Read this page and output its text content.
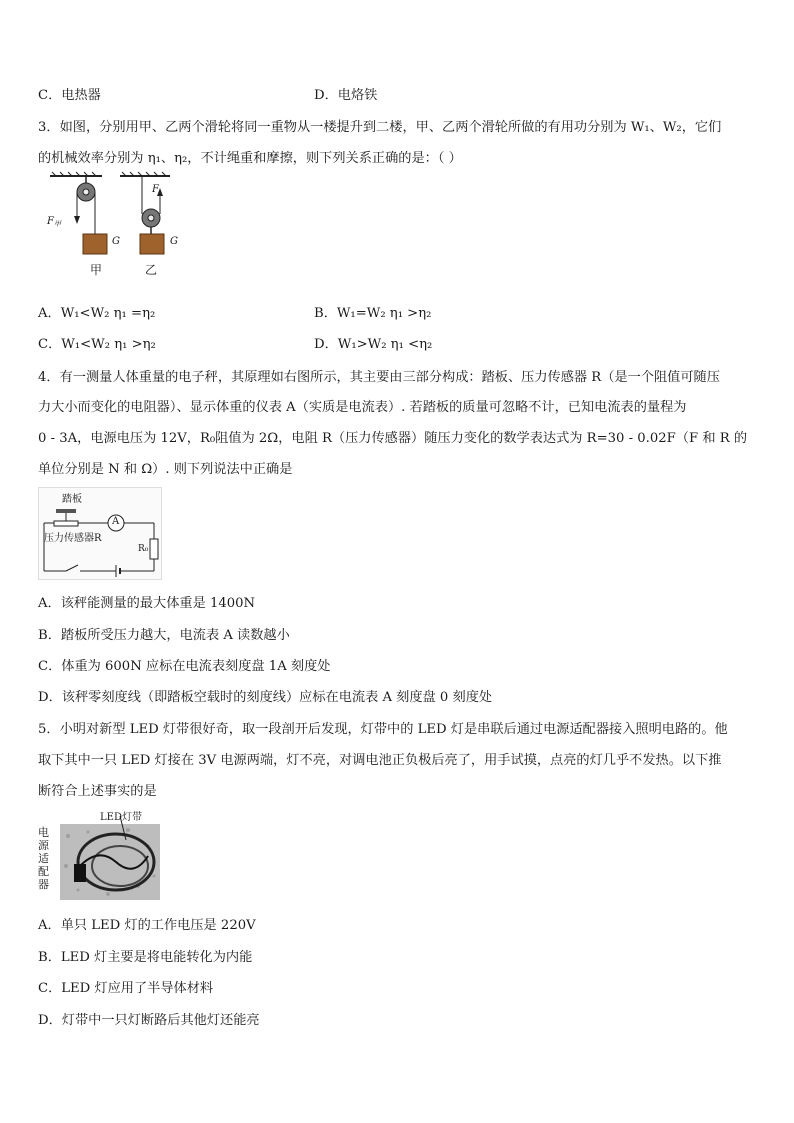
C．电热器	D．电烙铁
3．如图，分别用甲、乙两个滑轮将同一重物从一楼提升到二楼，甲、乙两个滑轮所做的有用功分别为 W₁、W₂，它们
的机械效率分别为 η₁、η₂，不计绳重和摩擦，则下列关系正确的是：（ ）
$F_甲$
F
G	G
甲	乙
A．W₁<W₂ η₁ =η₂	B．W₁=W₂ η₁ >η₂
C．W₁<W₂ η₁ >η₂	D．W₁>W₂ η₁ <η₂
4．有一测量人体重量的电子秤，其原理如右图所示，其主要由三部分构成：踏板、压力传感器 R（是一个阻值可随压
力大小而变化的电阻器）、显示体重的仪表 A（实质是电流表）. 若踏板的质量可忽略不计，已知电流表的量程为
0 - 3A，电源电压为 12V，R₀阻值为 2Ω，电阻 R（压力传感器）随压力变化的数学表达式为 R=30 - 0.02F（F 和 R 的
单位分别是 N 和 Ω）. 则下列说法中正确是
踏板
A
压力传感器R
R₀
A．该秤能测量的最大体重是 1400N
B．踏板所受压力越大，电流表 A 读数越小
C．体重为 600N 应标在电流表刻度盘 1A 刻度处
D．该秤零刻度线（即踏板空载时的刻度线）应标在电流表 A 刻度盘 0 刻度处
5．小明对新型 LED 灯带很好奇，取一段剖开后发现，灯带中的 LED 灯是串联后通过电源适配器接入照明电路的。他
取下其中一只 LED 灯接在 3V 电源两端，灯不亮，对调电池正负极后亮了，用手试摸，点亮的灯几乎不发热。以下推
断符合上述事实的是
LED灯带
电源适配器
A．单只 LED 灯的工作电压是 220V
B．LED 灯主要是将电能转化为内能
C．LED 灯应用了半导体材料
D．灯带中一只灯断路后其他灯还能亮
